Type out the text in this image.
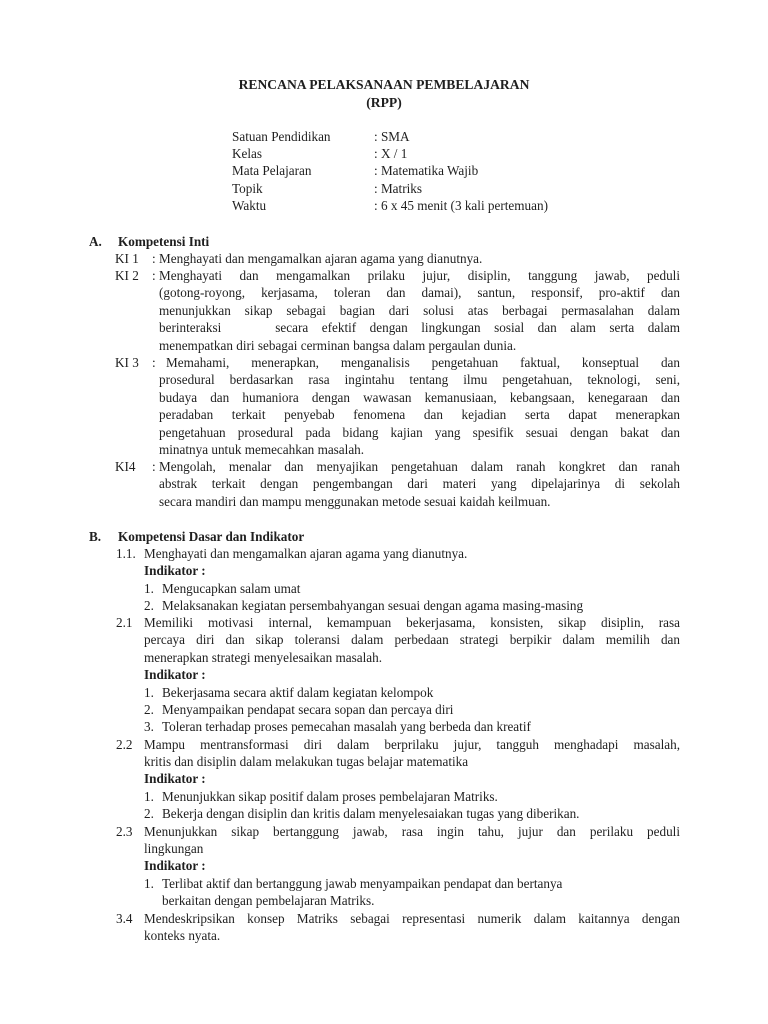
RENCANA PELAKSANAAN PEMBELAJARAN
(RPP)
Satuan Pendidikan	: SMA
Kelas	: X / 1
Mata Pelajaran	: Matematika Wajib
Topik	: Matriks
Waktu	: 6 x 45 menit (3 kali pertemuan)
A. Kompetensi Inti
KI 1 : Menghayati dan mengamalkan ajaran agama yang dianutnya.

KI 2 : Menghayati dan mengamalkan prilaku jujur, disiplin, tanggung jawab, peduli

(gotong-royong, kerjasama, toleran dan damai), santun, responsif, pro-aktif dan

menunjukkan sikap sebagai bagian dari solusi atas berbagai permasalahan dalam

berinteraksi    secara efektif dengan lingkungan sosial dan alam serta dalam

menempatkan diri sebagai cerminan bangsa dalam pergaulan dunia.

KI 3 : Memahami, menerapkan, menganalisis pengetahuan faktual, konseptual dan

prosedural berdasarkan rasa ingintahu tentang ilmu pengetahuan, teknologi, seni,

budaya dan humaniora dengan wawasan kemanusiaan, kebangsaan, kenegaraan dan

peradaban terkait penyebab fenomena dan kejadian serta dapat menerapkan

pengetahuan prosedural pada bidang kajian yang spesifik sesuai dengan bakat dan

minatnya untuk memecahkan masalah.

KI4 : Mengolah, menalar dan menyajikan pengetahuan dalam ranah kongkret dan ranah

abstrak terkait dengan pengembangan dari materi yang dipelajarinya di sekolah

secara mandiri dan mampu menggunakan metode sesuai kaidah keilmuan.

B. Kompetensi Dasar dan Indikator
1.1. Menghayati dan mengamalkan ajaran agama yang dianutnya.

Indikator :
1. Mengucapkan salam umat
2. Melaksanakan kegiatan persembahyangan sesuai dengan agama masing-masing
2.1 Memiliki motivasi internal, kemampuan bekerjasama, konsisten, sikap disiplin, rasa

percaya diri dan sikap toleransi dalam perbedaan strategi berpikir dalam memilih dan

menerapkan strategi menyelesaikan masalah.

Indikator :
1. Bekerjasama secara aktif dalam kegiatan kelompok
2. Menyampaikan pendapat secara sopan dan percaya diri
3. Toleran terhadap proses pemecahan masalah yang berbeda dan kreatif
2.2 Mampu mentransformasi diri dalam berprilaku jujur, tangguh menghadapi masalah,

kritis dan disiplin dalam melakukan tugas belajar matematika

Indikator :
1. Menunjukkan sikap positif dalam proses pembelajaran Matriks.
2. Bekerja dengan disiplin dan kritis dalam menyelesaiakan tugas yang diberikan.
2.3 Menunjukkan sikap bertanggung jawab, rasa ingin tahu, jujur dan perilaku peduli

lingkungan

Indikator :
1. Terlibat aktif dan bertanggung jawab menyampaikan pendapat dan bertanya

berkaitan dengan pembelajaran Matriks.

3.4 Mendeskripsikan konsep Matriks sebagai representasi numerik dalam kaitannya dengan

konteks nyata.
